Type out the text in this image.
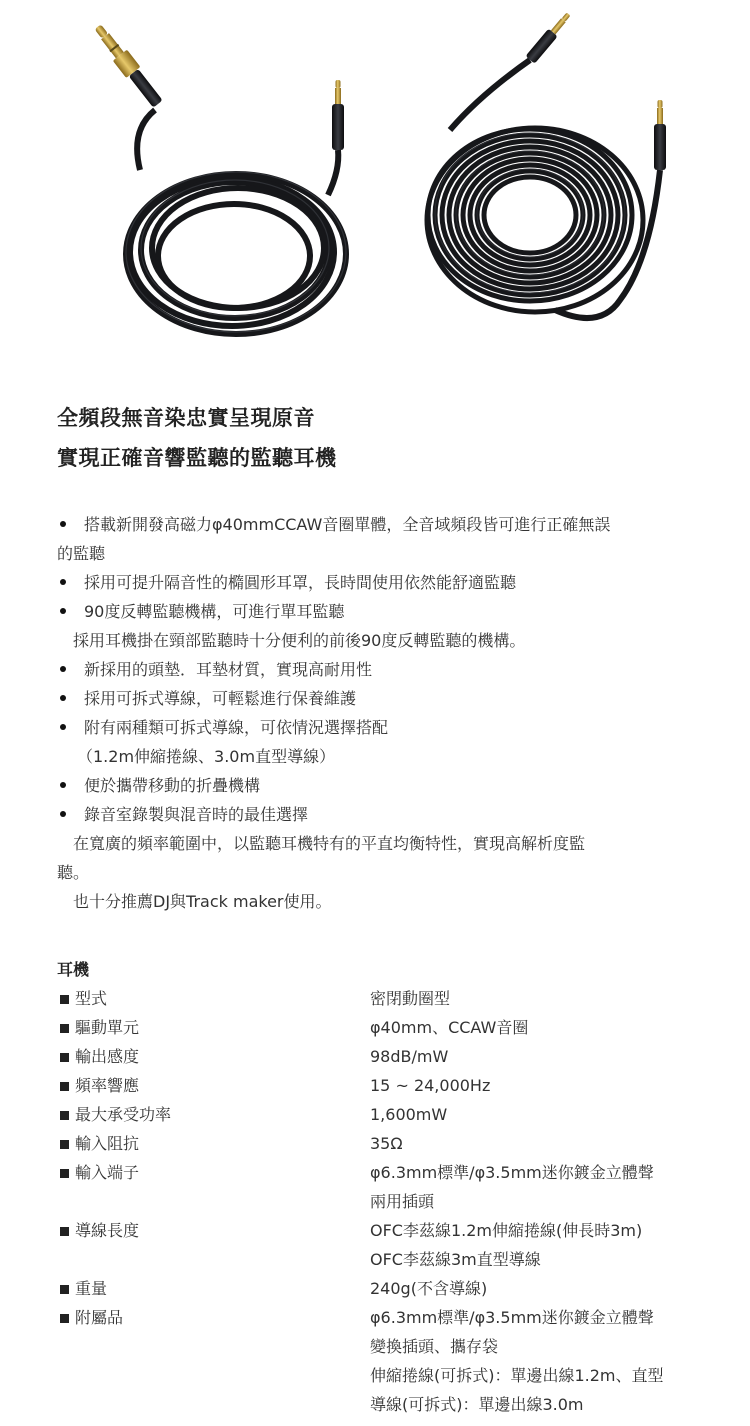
全頻段無音染忠實呈現原音
實現正確音響監聽的監聽耳機
搭載新開發高磁力φ40mmCCAW音圈單體，全音域頻段皆可進行正確無誤
的監聽
採用可提升隔音性的橢圓形耳罩，長時間使用依然能舒適監聽
90度反轉監聽機構，可進行單耳監聽
採用耳機掛在頸部監聽時十分便利的前後90度反轉監聽的機構。
新採用的頭墊．耳墊材質，實現高耐用性
採用可拆式導線，可輕鬆進行保養維護
附有兩種類可拆式導線，可依情況選擇搭配
（1.2m伸縮捲線、3.0m直型導線）
便於攜帶移動的折疊機構
錄音室錄製與混音時的最佳選擇
在寬廣的頻率範圍中，以監聽耳機特有的平直均衡特性，實現高解析度監
聽。
也十分推薦DJ與Track maker使用。
耳機
型式	密閉動圈型
驅動單元	φ40mm、CCAW音圈
輸出感度	98dB/mW
頻率響應	15 ~ 24,000Hz
最大承受功率	1,600mW
輸入阻抗	35Ω
輸入端子	φ6.3mm標準/φ3.5mm迷你鍍金立體聲
兩用插頭
導線長度	OFC李茲線1.2m伸縮捲線(伸長時3m)
OFC李茲線3m直型導線
重量	240g(不含導線)
附屬品	φ6.3mm標準/φ3.5mm迷你鍍金立體聲
變換插頭、攜存袋
伸縮捲線(可拆式)：單邊出線1.2m、直型
導線(可拆式)：單邊出線3.0m
